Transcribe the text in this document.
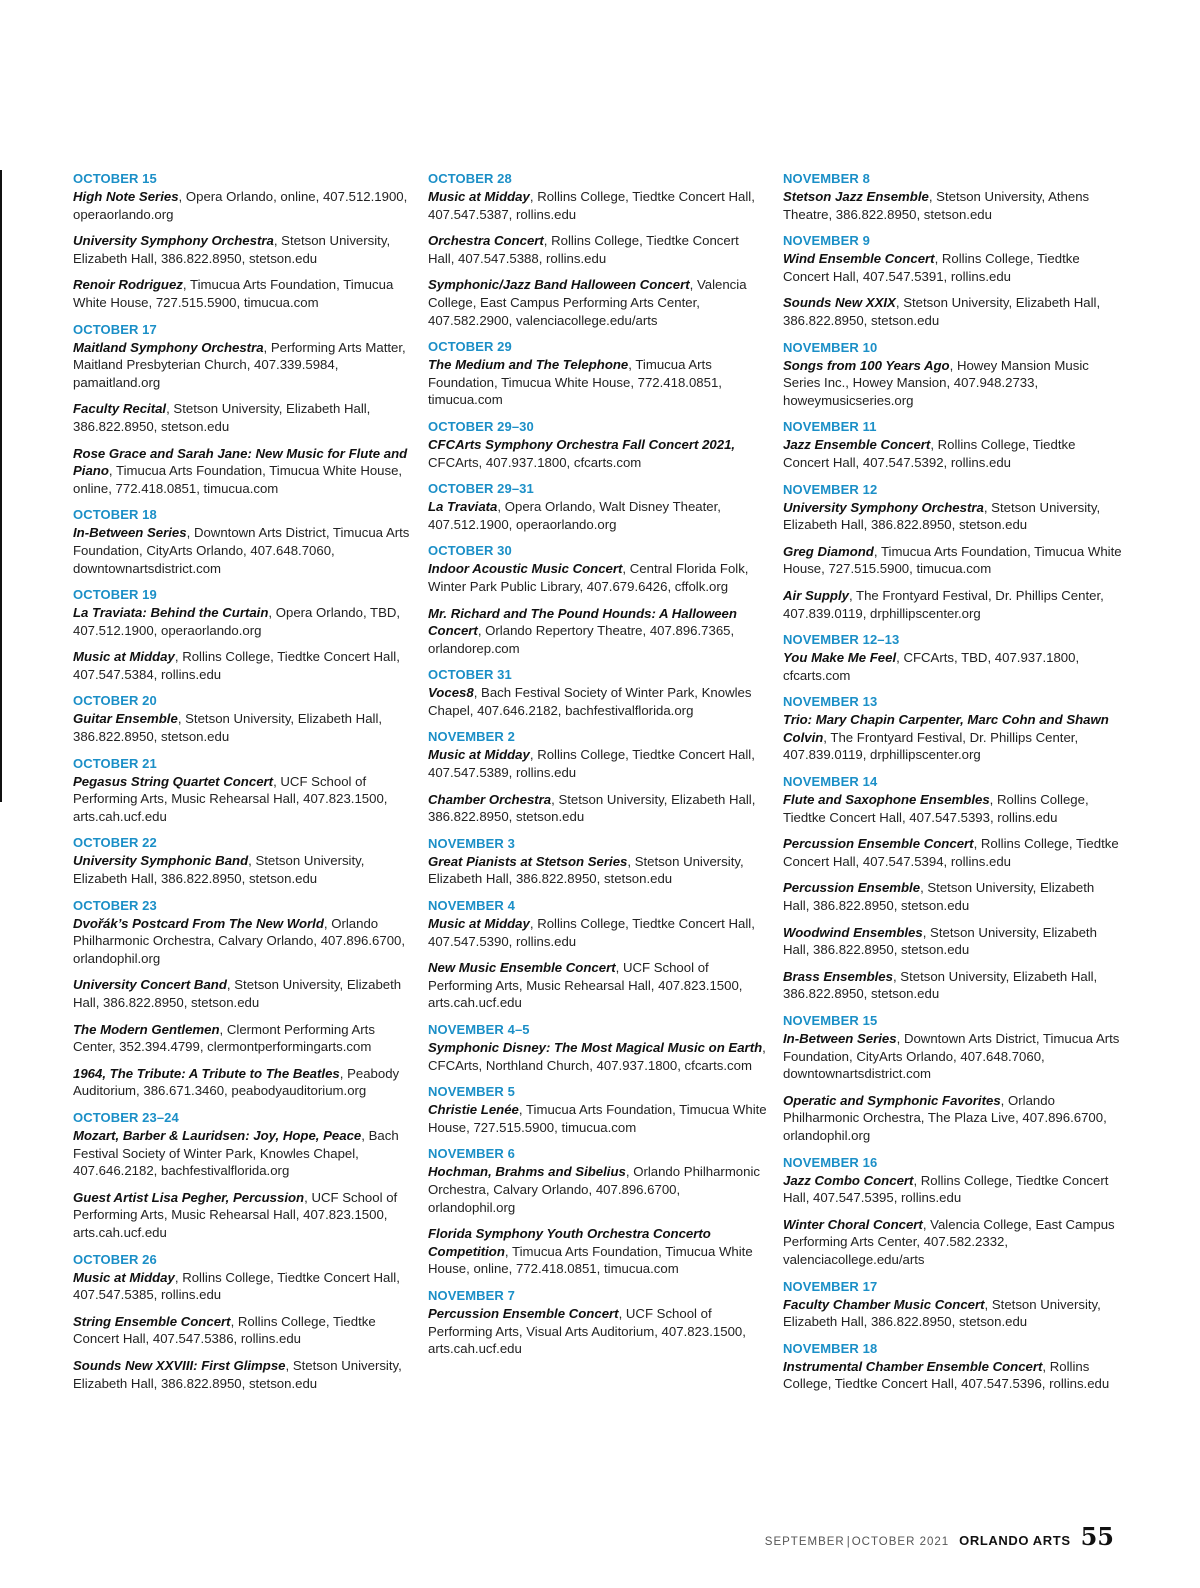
OCTOBER 15
High Note Series, Opera Orlando, online, 407.512.1900, operaorlando.org
University Symphony Orchestra, Stetson University, Elizabeth Hall, 386.822.8950, stetson.edu
Renoir Rodriguez, Timucua Arts Foundation, Timucua White House, 727.515.5900, timucua.com
OCTOBER 17
Maitland Symphony Orchestra, Performing Arts Matter, Maitland Presbyterian Church, 407.339.5984, pamaitland.org
Faculty Recital, Stetson University, Elizabeth Hall, 386.822.8950, stetson.edu
Rose Grace and Sarah Jane: New Music for Flute and Piano, Timucua Arts Foundation, Timucua White House, online, 772.418.0851, timucua.com
OCTOBER 18
In-Between Series, Downtown Arts District, Timucua Arts Foundation, CityArts Orlando, 407.648.7060, downtownartsdistrict.com
OCTOBER 19
La Traviata: Behind the Curtain, Opera Orlando, TBD, 407.512.1900, operaorlando.org
Music at Midday, Rollins College, Tiedtke Concert Hall, 407.547.5384, rollins.edu
OCTOBER 20
Guitar Ensemble, Stetson University, Elizabeth Hall, 386.822.8950, stetson.edu
OCTOBER 21
Pegasus String Quartet Concert, UCF School of Performing Arts, Music Rehearsal Hall, 407.823.1500, arts.cah.ucf.edu
OCTOBER 22
University Symphonic Band, Stetson University, Elizabeth Hall, 386.822.8950, stetson.edu
OCTOBER 23
Dvořák’s Postcard From The New World, Orlando Philharmonic Orchestra, Calvary Orlando, 407.896.6700, orlandophil.org
University Concert Band, Stetson University, Elizabeth Hall, 386.822.8950, stetson.edu
The Modern Gentlemen, Clermont Performing Arts Center, 352.394.4799, clermontperformingarts.com
1964, The Tribute: A Tribute to The Beatles, Peabody Auditorium, 386.671.3460, peabodyauditorium.org
OCTOBER 23–24
Mozart, Barber & Lauridsen: Joy, Hope, Peace, Bach Festival Society of Winter Park, Knowles Chapel, 407.646.2182, bachfestivalflorida.org
Guest Artist Lisa Pegher, Percussion, UCF School of Performing Arts, Music Rehearsal Hall, 407.823.1500, arts.cah.ucf.edu
OCTOBER 26
Music at Midday, Rollins College, Tiedtke Concert Hall, 407.547.5385, rollins.edu
String Ensemble Concert, Rollins College, Tiedtke Concert Hall, 407.547.5386, rollins.edu
Sounds New XXVIII: First Glimpse, Stetson University, Elizabeth Hall, 386.822.8950, stetson.edu
OCTOBER 28
Music at Midday, Rollins College, Tiedtke Concert Hall, 407.547.5387, rollins.edu
Orchestra Concert, Rollins College, Tiedtke Concert Hall, 407.547.5388, rollins.edu
Symphonic/Jazz Band Halloween Concert, Valencia College, East Campus Performing Arts Center, 407.582.2900, valenciacollege.edu/arts
OCTOBER 29
The Medium and The Telephone, Timucua Arts Foundation, Timucua White House, 772.418.0851, timucua.com
OCTOBER 29–30
CFCArts Symphony Orchestra Fall Concert 2021, CFCArts, 407.937.1800, cfcarts.com
OCTOBER 29–31
La Traviata, Opera Orlando, Walt Disney Theater, 407.512.1900, operaorlando.org
OCTOBER 30
Indoor Acoustic Music Concert, Central Florida Folk, Winter Park Public Library, 407.679.6426, cffolk.org
Mr. Richard and The Pound Hounds: A Halloween Concert, Orlando Repertory Theatre, 407.896.7365, orlandorep.com
OCTOBER 31
Voces8, Bach Festival Society of Winter Park, Knowles Chapel, 407.646.2182, bachfestivalflorida.org
NOVEMBER 2
Music at Midday, Rollins College, Tiedtke Concert Hall, 407.547.5389, rollins.edu
Chamber Orchestra, Stetson University, Elizabeth Hall, 386.822.8950, stetson.edu
NOVEMBER 3
Great Pianists at Stetson Series, Stetson University, Elizabeth Hall, 386.822.8950, stetson.edu
NOVEMBER 4
Music at Midday, Rollins College, Tiedtke Concert Hall, 407.547.5390, rollins.edu
New Music Ensemble Concert, UCF School of Performing Arts, Music Rehearsal Hall, 407.823.1500, arts.cah.ucf.edu
NOVEMBER 4–5
Symphonic Disney: The Most Magical Music on Earth, CFCArts, Northland Church, 407.937.1800, cfcarts.com
NOVEMBER 5
Christie Lenée, Timucua Arts Foundation, Timucua White House, 727.515.5900, timucua.com
NOVEMBER 6
Hochman, Brahms and Sibelius, Orlando Philharmonic Orchestra, Calvary Orlando, 407.896.6700, orlandophil.org
Florida Symphony Youth Orchestra Concerto Competition, Timucua Arts Foundation, Timucua White House, online, 772.418.0851, timucua.com
NOVEMBER 7
Percussion Ensemble Concert, UCF School of Performing Arts, Visual Arts Auditorium, 407.823.1500, arts.cah.ucf.edu
NOVEMBER 8
Stetson Jazz Ensemble, Stetson University, Athens Theatre, 386.822.8950, stetson.edu
NOVEMBER 9
Wind Ensemble Concert, Rollins College, Tiedtke Concert Hall, 407.547.5391, rollins.edu
Sounds New XXIX, Stetson University, Elizabeth Hall, 386.822.8950, stetson.edu
NOVEMBER 10
Songs from 100 Years Ago, Howey Mansion Music Series Inc., Howey Mansion, 407.948.2733, howeymusicseries.org
NOVEMBER 11
Jazz Ensemble Concert, Rollins College, Tiedtke Concert Hall, 407.547.5392, rollins.edu
NOVEMBER 12
University Symphony Orchestra, Stetson University, Elizabeth Hall, 386.822.8950, stetson.edu
Greg Diamond, Timucua Arts Foundation, Timucua White House, 727.515.5900, timucua.com
Air Supply, The Frontyard Festival, Dr. Phillips Center, 407.839.0119, drphillipscenter.org
NOVEMBER 12–13
You Make Me Feel, CFCArts, TBD, 407.937.1800, cfcarts.com
NOVEMBER 13
Trio: Mary Chapin Carpenter, Marc Cohn and Shawn Colvin, The Frontyard Festival, Dr. Phillips Center, 407.839.0119, drphillipscenter.org
NOVEMBER 14
Flute and Saxophone Ensembles, Rollins College, Tiedtke Concert Hall, 407.547.5393, rollins.edu
Percussion Ensemble Concert, Rollins College, Tiedtke Concert Hall, 407.547.5394, rollins.edu
Percussion Ensemble, Stetson University, Elizabeth Hall, 386.822.8950, stetson.edu
Woodwind Ensembles, Stetson University, Elizabeth Hall, 386.822.8950, stetson.edu
Brass Ensembles, Stetson University, Elizabeth Hall, 386.822.8950, stetson.edu
NOVEMBER 15
In-Between Series, Downtown Arts District, Timucua Arts Foundation, CityArts Orlando, 407.648.7060, downtownartsdistrict.com
Operatic and Symphonic Favorites, Orlando Philharmonic Orchestra, The Plaza Live, 407.896.6700, orlandophil.org
NOVEMBER 16
Jazz Combo Concert, Rollins College, Tiedtke Concert Hall, 407.547.5395, rollins.edu
Winter Choral Concert, Valencia College, East Campus Performing Arts Center, 407.582.2332, valenciacollege.edu/arts
NOVEMBER 17
Faculty Chamber Music Concert, Stetson University, Elizabeth Hall, 386.822.8950, stetson.edu
NOVEMBER 18
Instrumental Chamber Ensemble Concert, Rollins College, Tiedtke Concert Hall, 407.547.5396, rollins.edu
SEPTEMBER | OCTOBER 2021 ORLANDO ARTS 55
